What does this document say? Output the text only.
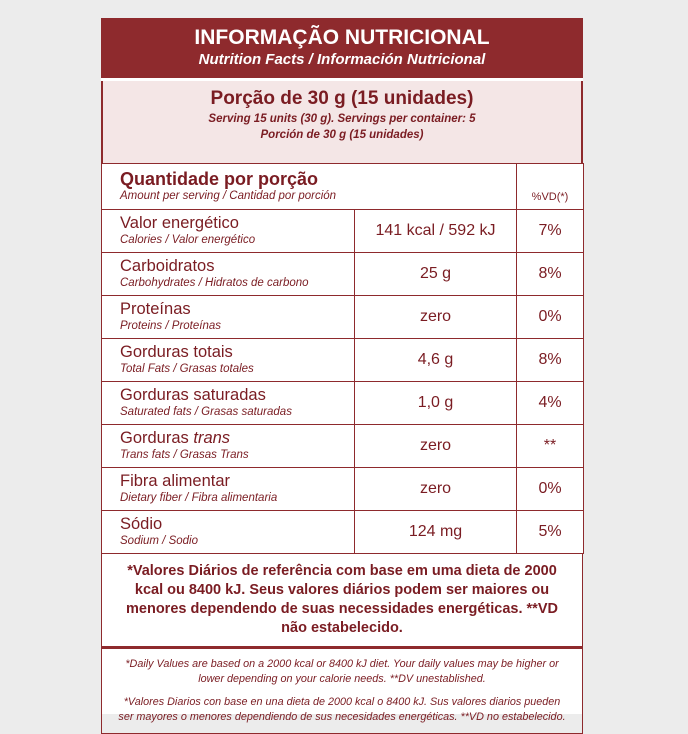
INFORMAÇÃO NUTRICIONAL
Nutrition Facts / Información Nutricional
Porção de 30 g (15 unidades)
Serving 15 units (30 g). Servings per container: 5
Porción de 30 g (15 unidades)
Quantidade por porção
Amount per serving / Cantidad por porción		%VD(*)

Valor energético
Calories / Valor energético	141 kcal / 592 kJ	7%

Carboidratos
Carbohydrates / Hidratos de carbono	25 g	8%

Proteínas
Proteins / Proteínas	zero	0%

Gorduras totais
Total Fats / Grasas totales	4,6 g	8%

Gorduras saturadas
Saturated fats / Grasas saturadas	1,0 g	4%

Gorduras trans
Trans fats / Grasas Trans	zero	**

Fibra alimentar
Dietary fiber / Fibra alimentaria	zero	0%

Sódio
Sodium / Sodio	124 mg	5%
*Valores Diários de referência com base em uma dieta de 2000 kcal ou 8400 kJ. Seus valores diários podem ser maiores ou menores dependendo de suas necessidades energéticas. **VD não estabelecido.
*Daily Values are based on a 2000 kcal or 8400 kJ diet. Your daily values may be higher or lower depending on your calorie needs. **DV unestablished.
*Valores Diarios con base en una dieta de 2000 kcal o 8400 kJ. Sus valores diarios pueden ser mayores o menores dependiendo de sus necesidades energéticas. **VD no estabelecido.
